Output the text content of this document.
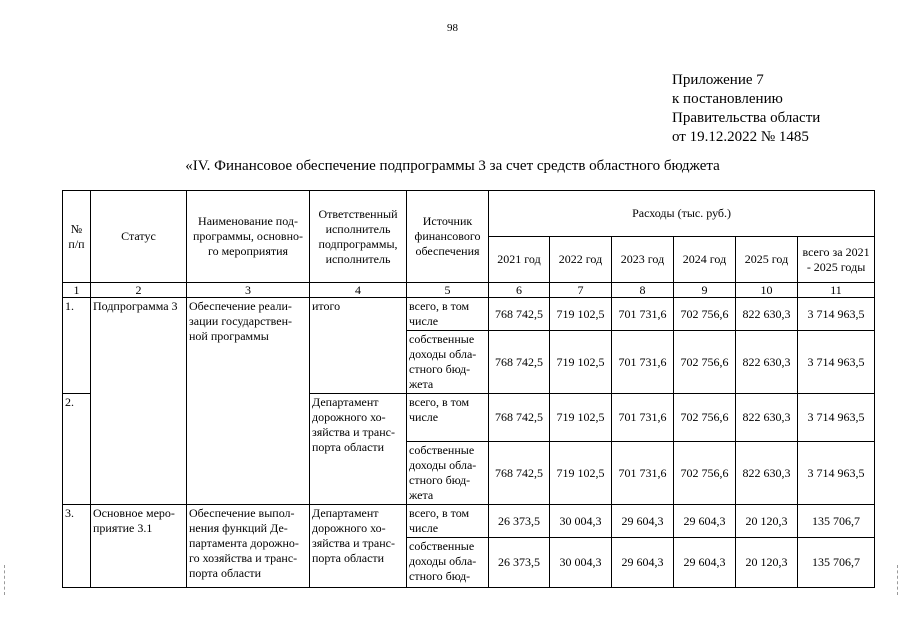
98
Приложение 7
к постановлению
Правительства области
от 19.12.2022 № 1485
«IV. Финансовое обеспечение подпрограммы 3 за счет средств областного бюджета
№ п/п	Статус	Наименование под-программы, основно-го мероприятия	Ответственный исполнитель подпрограммы, исполнитель	Источник финансового обеспечения	Расходы (тыс. руб.)					
					2021 год	2022 год	2023 год	2024 год	2025 год	всего за 2021 - 2025 годы
1	2	3	4	5	6	7	8	9	10	11
1.	Подпрограмма 3	Обеспечение реали-зации государствен-ной программы	итого	всего, в том числе	768 742,5	719 102,5	701 731,6	702 756,6	822 630,3	3 714 963,5
				собственные доходы обла-стного бюд-жета	768 742,5	719 102,5	701 731,6	702 756,6	822 630,3	3 714 963,5
2.			Департамент дорожного хо-зяйства и транс-порта области	всего, в том числе	768 742,5	719 102,5	701 731,6	702 756,6	822 630,3	3 714 963,5
				собственные доходы обла-стного бюд-жета	768 742,5	719 102,5	701 731,6	702 756,6	822 630,3	3 714 963,5
3.	Основное меро-приятие 3.1	Обеспечение выпол-нения функций Де-партамента дорожно-го хозяйства и транс-порта области	Департамент дорожного хо-зяйства и транс-порта области	всего, в том числе	26 373,5	30 004,3	29 604,3	29 604,3	20 120,3	135 706,7
				собственные доходы обла-стного бюд-	26 373,5	30 004,3	29 604,3	29 604,3	20 120,3	135 706,7
